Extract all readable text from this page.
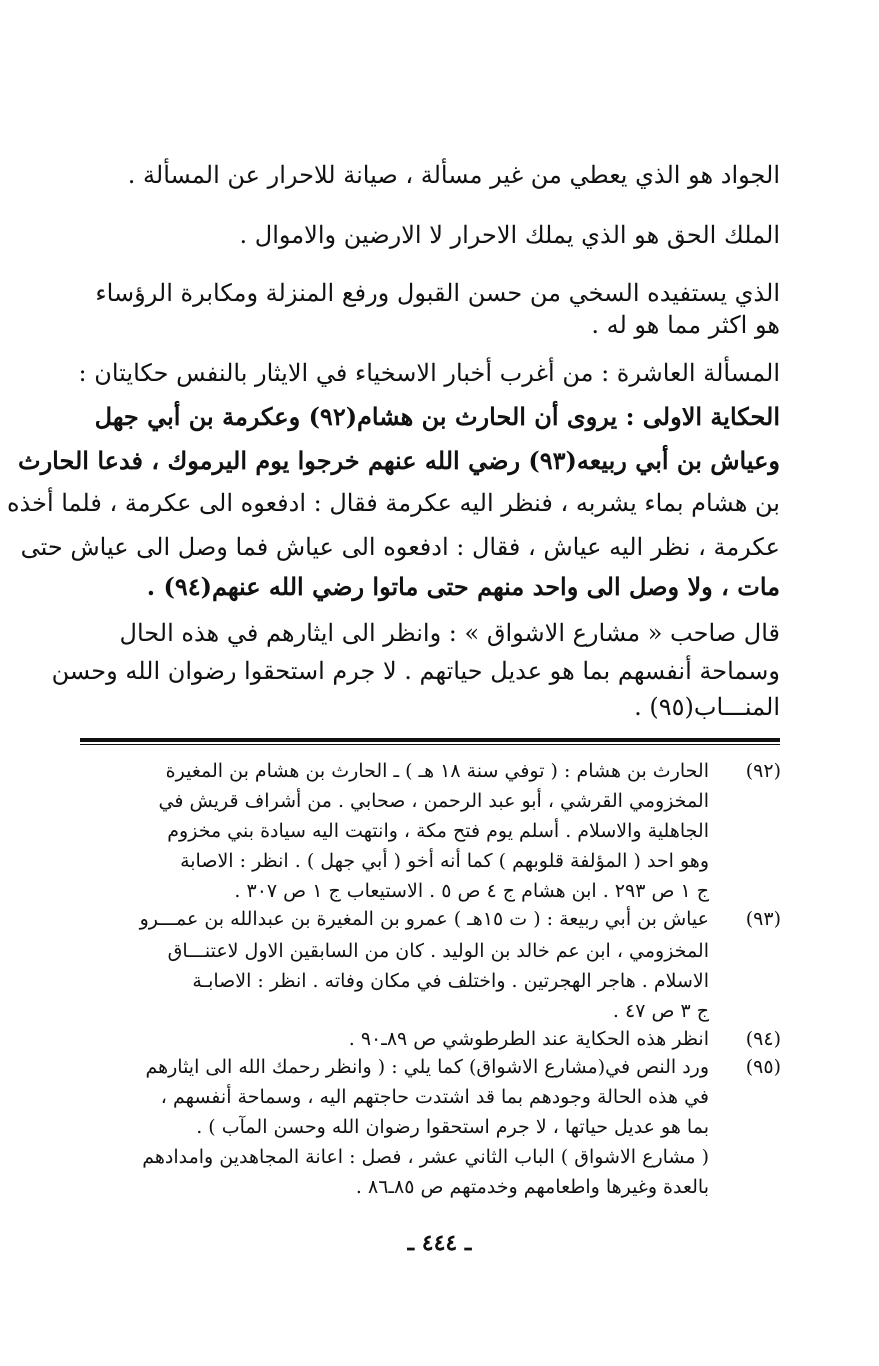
الجواد هو الذي يعطي من غير مسألة ، صيانة للاحرار عن المسألة .
الملك الحق هو الذي يملك الاحرار لا الارضين والاموال .
الذي يستفيده السخي من حسن القبول ورفع المنزلة ومكابرة الرؤساء
هو اكثر مما هو له .
المسألة العاشرة : من أغرب أخبار الاسخياء في الايثار بالنفس حكايتان :
الحكاية الاولى : يروى أن الحارث بن هشام(٩٢) وعكرمة بن أبي جهل
وعياش بن أبي ربيعه(٩٣) رضي الله عنهم خرجوا يوم اليرموك ، فدعا الحارث
بن هشام بماء يشربه ، فنظر اليه عكرمة فقال : ادفعوه الى عكرمة ، فلما أخذه
عكرمة ، نظر اليه عياش ، فقال : ادفعوه الى عياش فما وصل الى عياش حتى
مات ، ولا وصل الى واحد منهم حتى ماتوا رضي الله عنهم(٩٤) .
قال صاحب « مشارع الاشواق » : وانظر الى ايثارهم في هذه الحال
وسماحة أنفسهم بما هو عديل حياتهم . لا جرم استحقوا رضوان الله وحسن
المنـــاب(٩٥) .
(٩٢)
الحارث بن هشام : ( توفي سنة ١٨ هـ ) ـ الحارث بن هشام بن المغيرة
المخزومي القرشي ، أبو عبد الرحمن ، صحابي . من أشراف قريش في
الجاهلية والاسلام . أسلم يوم فتح مكة ، وانتهت اليه سيادة بني مخزوم
وهو احد ( المؤلفة قلوبهم ) كما أنه أخو ( أبي جهل ) . انظر : الاصابة
ج ١ ص ٢٩٣ . ابن هشام ج ٤ ص ٥ . الاستيعاب ج ١ ص ٣٠٧ .
(٩٣)
عياش بن أبي ربيعة : ( ت ١٥هـ ) عمرو بن المغيرة بن عبدالله بن عمـــرو
المخزومي ، ابن عم خالد بن الوليد . كان من السابقين الاول لاعتنـــاق
الاسلام . هاجر الهجرتين . واختلف في مكان وفاته . انظر : الاصابـة
ج ٣ ص ٤٧ .
(٩٤)
انظر هذه الحكاية عند الطرطوشي ص ٨٩ـ٩٠ .
(٩٥)
ورد النص في(مشارع الاشواق) كما يلي : ( وانظر رحمك الله الى ايثارهم
في هذه الحالة وجودهم بما قد اشتدت حاجتهم اليه ، وسماحة أنفسهم ،
بما هو عديل حياتها ، لا جرم استحقوا رضوان الله وحسن المآب ) .
( مشارع الاشواق ) الباب الثاني عشر ، فصل : اعانة المجاهدين وامدادهم
بالعدة وغيرها واطعامهم وخدمتهم ص ٨٥ـ٨٦ .
ـ ٤٤٤ ـ
